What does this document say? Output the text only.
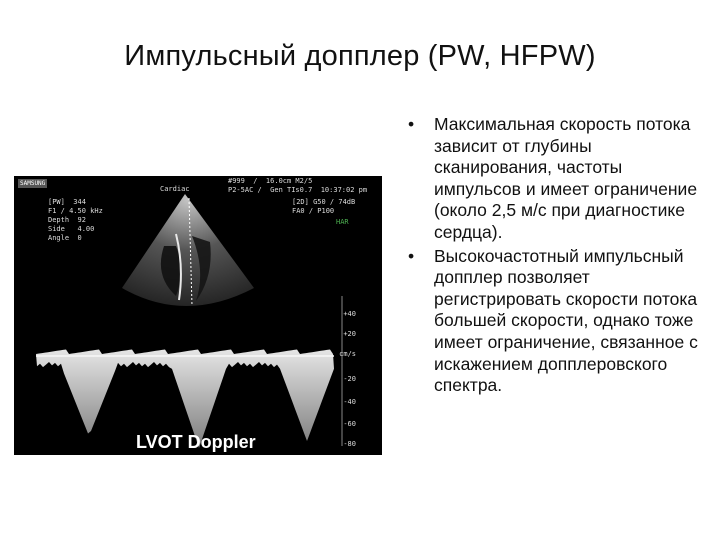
Импульсный допплер (PW, HFPW)
SAMSUNG
Cardiac
#999  /  16.0cm M2/5
P2-5AC /  Gen TIs0.7  10:37:02 pm
[PW]  344
F1 / 4.50 kHz
Depth  92
Side   4.00
Angle  0
[2D] G50 / 74dB
FA0 / P100
HAR
+40
+20
cm/s
-20
-40
-60
-80
LVOT Doppler
• Максимальная скорость потока зависит от глубины сканирования, частоты импульсов и имеет ограничение (около 2,5 м/с при диагностике сердца).
• Высокочастотный импульсный допплер позволяет регистрировать скорости потока большей скорости, однако тоже имеет ограничение, связанное с искажением допплеровского спектра.
